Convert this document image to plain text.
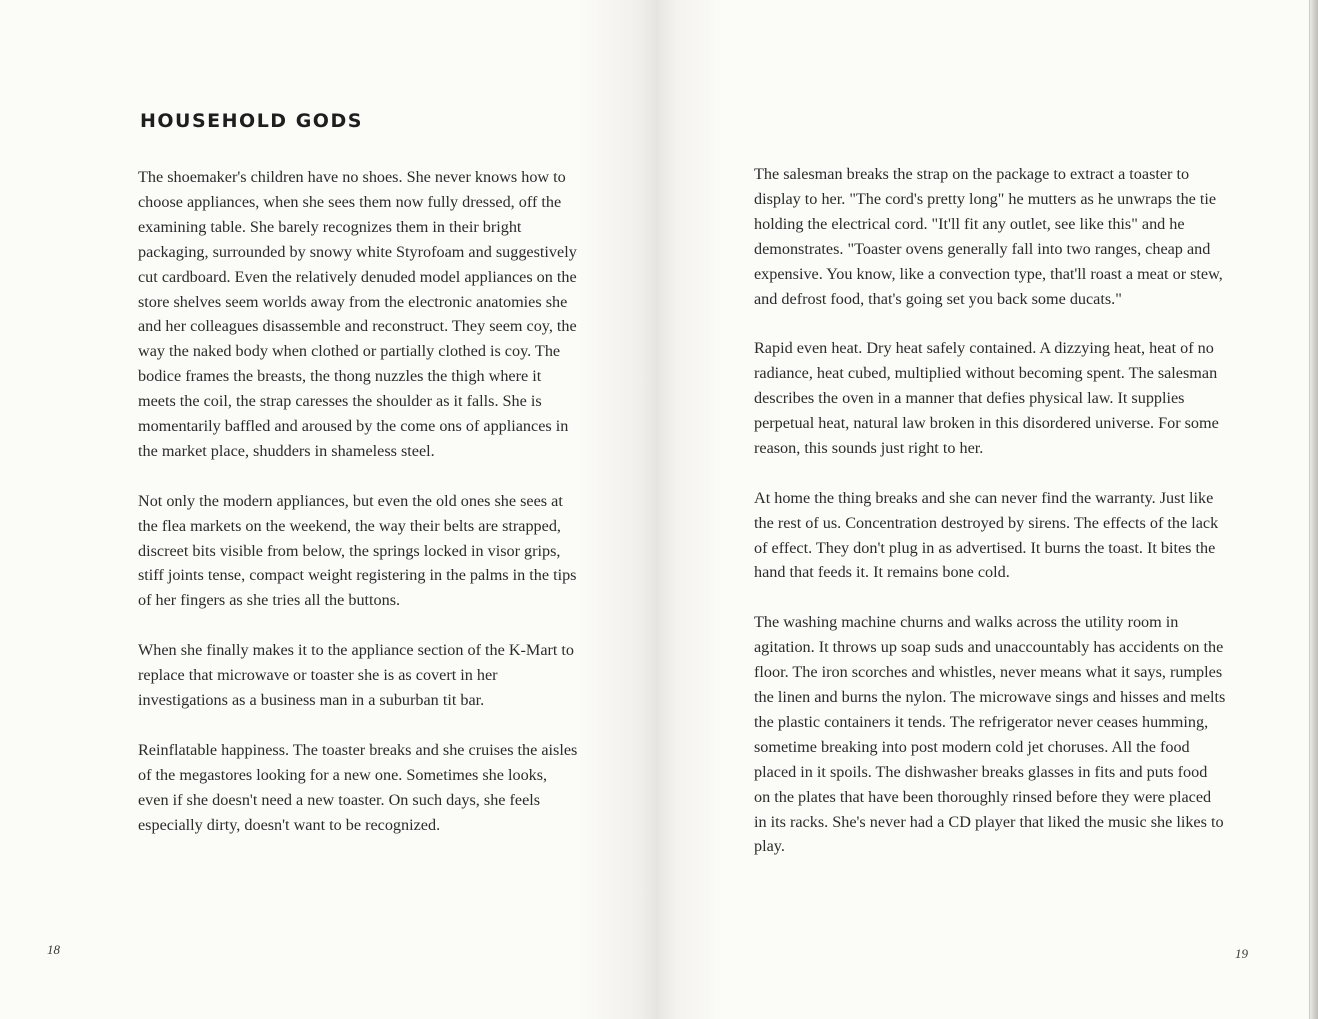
HOUSEHOLD GODS

The shoemaker's children have no shoes. She never knows how to choose appliances, when she sees them now fully dressed, off the examining table. She barely recognizes them in their bright packaging, surrounded by snowy white Styrofoam and suggestively cut cardboard. Even the relatively denuded model appliances on the store shelves seem worlds away from the electronic anatomies she and her colleagues disassemble and reconstruct. They seem coy, the way the naked body when clothed or partially clothed is coy. The bodice frames the breasts, the thong nuzzles the thigh where it meets the coil, the strap caresses the shoulder as it falls. She is momentarily baffled and aroused by the come ons of appliances in the market place, shudders in shameless steel.

Not only the modern appliances, but even the old ones she sees at the flea markets on the weekend, the way their belts are strapped, discreet bits visible from below, the springs locked in visor grips, stiff joints tense, compact weight registering in the palms in the tips of her fingers as she tries all the buttons.

When she finally makes it to the appliance section of the K-Mart to replace that microwave or toaster she is as covert in her investigations as a business man in a suburban tit bar.

Reinflatable happiness. The toaster breaks and she cruises the aisles of the megastores looking for a new one. Sometimes she looks, even if she doesn't need a new toaster. On such days, she feels especially dirty, doesn't want to be recognized.

18

The salesman breaks the strap on the package to extract a toaster to display to her. "The cord's pretty long" he mutters as he unwraps the tie holding the electrical cord. "It'll fit any outlet, see like this" and he demonstrates. "Toaster ovens generally fall into two ranges, cheap and expensive. You know, like a convection type, that'll roast a meat or stew, and defrost food, that's going set you back some ducats."

Rapid even heat. Dry heat safely contained. A dizzying heat, heat of no radiance, heat cubed, multiplied without becoming spent. The salesman describes the oven in a manner that defies physical law. It supplies perpetual heat, natural law broken in this disordered universe. For some reason, this sounds just right to her.

At home the thing breaks and she can never find the warranty. Just like the rest of us. Concentration destroyed by sirens. The effects of the lack of effect. They don't plug in as advertised. It burns the toast. It bites the hand that feeds it. It remains bone cold.

The washing machine churns and walks across the utility room in agitation. It throws up soap suds and unaccountably has accidents on the floor. The iron scorches and whistles, never means what it says, rumples the linen and burns the nylon. The microwave sings and hisses and melts the plastic containers it tends. The refrigerator never ceases humming, sometime breaking into post modern cold jet choruses. All the food placed in it spoils. The dishwasher breaks glasses in fits and puts food on the plates that have been thoroughly rinsed before they were placed in its racks. She's never had a CD player that liked the music she likes to play.

19
